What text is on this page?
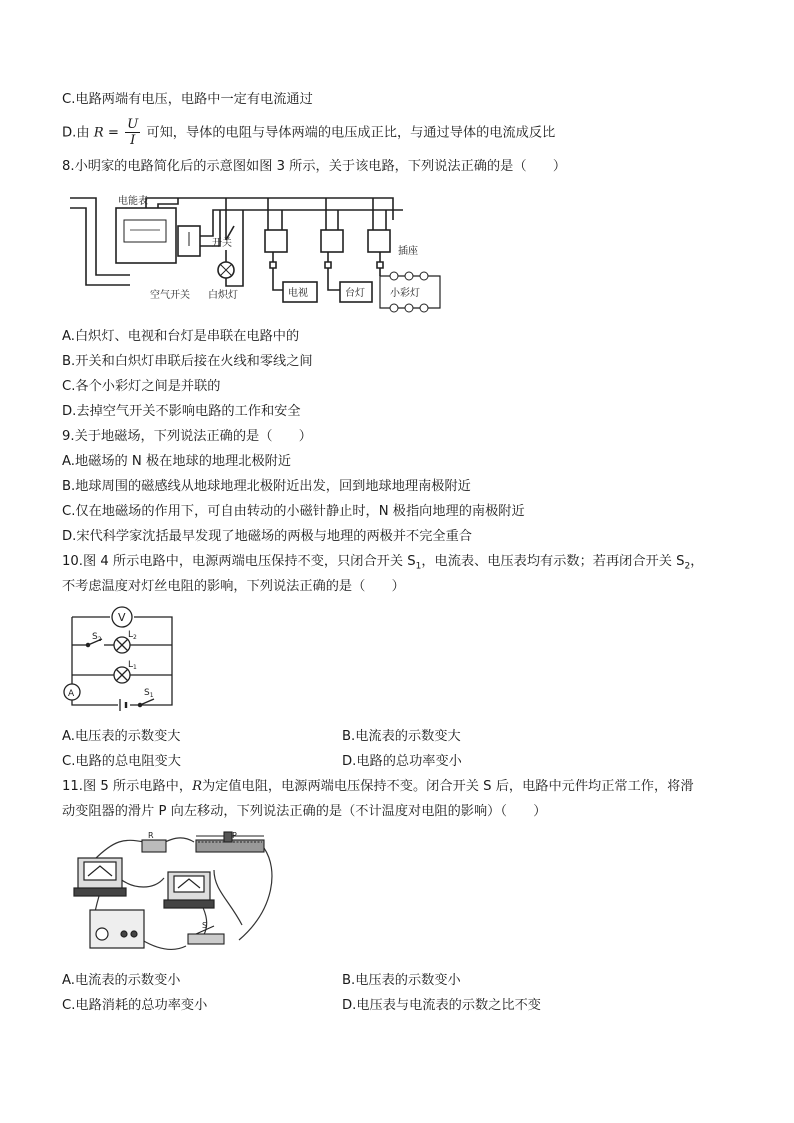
C.电路两端有电压，电路中一定有电流通过
D.由 $R = \frac{U}{I}$ 可知，导体的电阻与导体两端的电压成正比，与通过导体的电流成反比
8.小明家的电路简化后的示意图如图 3 所示，关于该电路，下列说法正确的是（　　）
电能表
开关
插座
空气开关 白炽灯	电视	台灯	小彩灯
A.白炽灯、电视和台灯是串联在电路中的
B.开关和白炽灯串联后接在火线和零线之间
C.各个小彩灯之间是并联的
D.去掉空气开关不影响电路的工作和安全
9.关于地磁场，下列说法正确的是（　　）
A.地磁场的 N 极在地球的地理北极附近
B.地球周围的磁感线从地球地理北极附近出发，回到地球地理南极附近
C.仅在地磁场的作用下，可自由转动的小磁针静止时，N 极指向地理的南极附近
D.宋代科学家沈括最早发现了地磁场的两极与地理的两极并不完全重合
10.图 4 所示电路中，电源两端电压保持不变，只闭合开关 $S_1$，电流表、电压表均有示数；若再闭合开关 $S_2$，
不考虑温度对灯丝电阻的影响，下列说法正确的是（　　）
V
A
$S_2$	$L_2$
$L_1$
$S_1$
A.电压表的示数变大	B.电流表的示数变大
C.电路的总电阻变大	D.电路的总功率变小
11.图 5 所示电路中，R为定值电阻，电源两端电压保持不变。闭合开关 S 后，电路中元件均正常工作，将滑
动变阻器的滑片 P 向左移动，下列说法正确的是（不计温度对电阻的影响）（　　）
R	P
S
A.电流表的示数变小	B.电压表的示数变小
C.电路消耗的总功率变小	D.电压表与电流表的示数之比不变
